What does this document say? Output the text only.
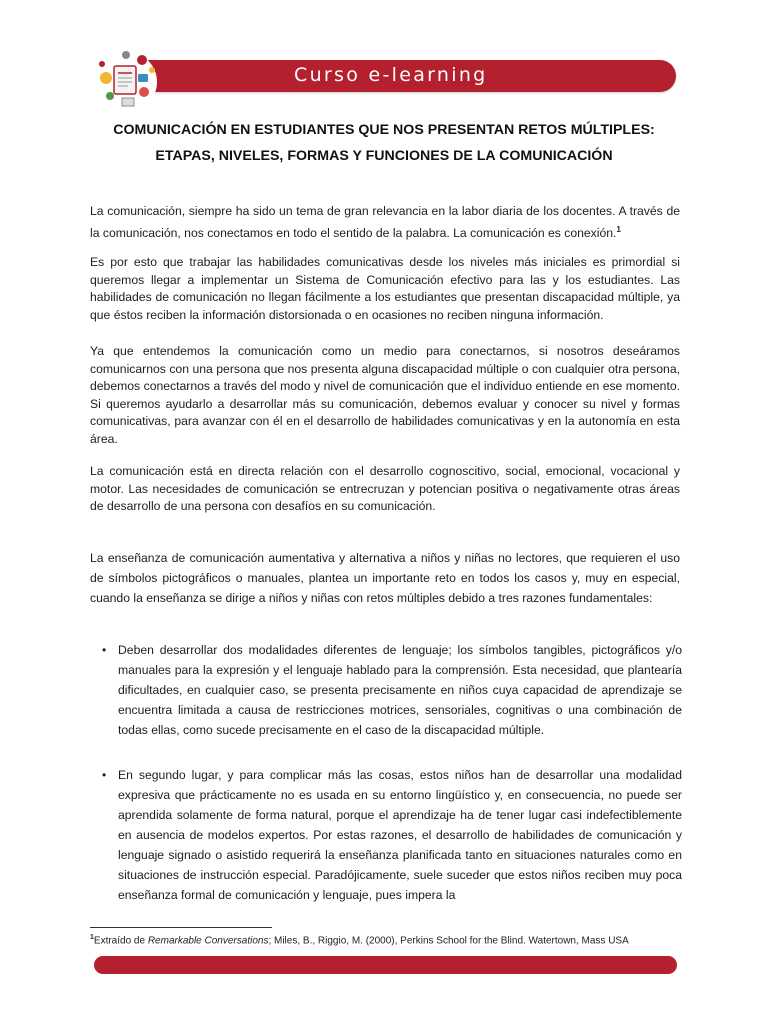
Curso e-learning
COMUNICACIÓN EN ESTUDIANTES QUE NOS PRESENTAN RETOS MÚLTIPLES:
ETAPAS, NIVELES, FORMAS Y FUNCIONES DE LA COMUNICACIÓN

La comunicación, siempre ha sido un tema de gran relevancia en la labor diaria de los docentes. A través de la comunicación, nos conectamos en todo el sentido de la palabra. La comunicación es conexión.$^1$

Es por esto que trabajar las habilidades comunicativas desde los niveles más iniciales es primordial si queremos llegar a implementar un Sistema de Comunicación efectivo para las y los estudiantes. Las habilidades de comunicación no llegan fácilmente a los estudiantes que presentan discapacidad múltiple, ya que éstos reciben la información distorsionada o en ocasiones no reciben ninguna información.

Ya que entendemos la comunicación como un medio para conectarnos, si nosotros deseáramos comunicarnos con una persona que nos presenta alguna discapacidad múltiple o con cualquier otra persona, debemos conectarnos a través del modo y nivel de comunicación que el individuo entiende en ese momento. Si queremos ayudarlo a desarrollar más su comunicación, debemos evaluar y conocer su nivel y formas comunicativas, para avanzar con él en el desarrollo de habilidades comunicativas y en la autonomía en esta área.

La comunicación está en directa relación con el desarrollo cognoscitivo, social, emocional, vocacional y motor. Las necesidades de comunicación se entrecruzan y potencian positiva o negativamente otras áreas de desarrollo de una persona con desafíos en su comunicación.

La enseñanza de comunicación aumentativa y alternativa a niños y niñas no lectores, que requieren el uso de símbolos pictográficos o manuales, plantea un importante reto en todos los casos y, muy en especial, cuando la enseñanza se dirige a niños y niñas con retos múltiples debido a tres razones fundamentales:

• Deben desarrollar dos modalidades diferentes de lenguaje; los símbolos tangibles, pictográficos y/o manuales para la expresión y el lenguaje hablado para la comprensión. Esta necesidad, que plantearía dificultades, en cualquier caso, se presenta precisamente en niños cuya capacidad de aprendizaje se encuentra limitada a causa de restricciones motrices, sensoriales, cognitivas o una combinación de todas ellas, como sucede precisamente en el caso de la discapacidad múltiple.
• En segundo lugar, y para complicar más las cosas, estos niños han de desarrollar una modalidad expresiva que prácticamente no es usada en su entorno lingüístico y, en consecuencia, no puede ser aprendida solamente de forma natural, porque el aprendizaje ha de tener lugar casi indefectiblemente en ausencia de modelos expertos. Por estas razones, el desarrollo de habilidades de comunicación y lenguaje signado o asistido requerirá la enseñanza planificada tanto en situaciones naturales como en situaciones de instrucción especial. Paradójicamente, suele suceder que estos niños reciben muy poca enseñanza formal de comunicación y lenguaje, pues impera la
$^1$Extraído de Remarkable Conversations; Miles, B., Riggio, M. (2000), Perkins School for the Blind. Watertown, Mass USA
